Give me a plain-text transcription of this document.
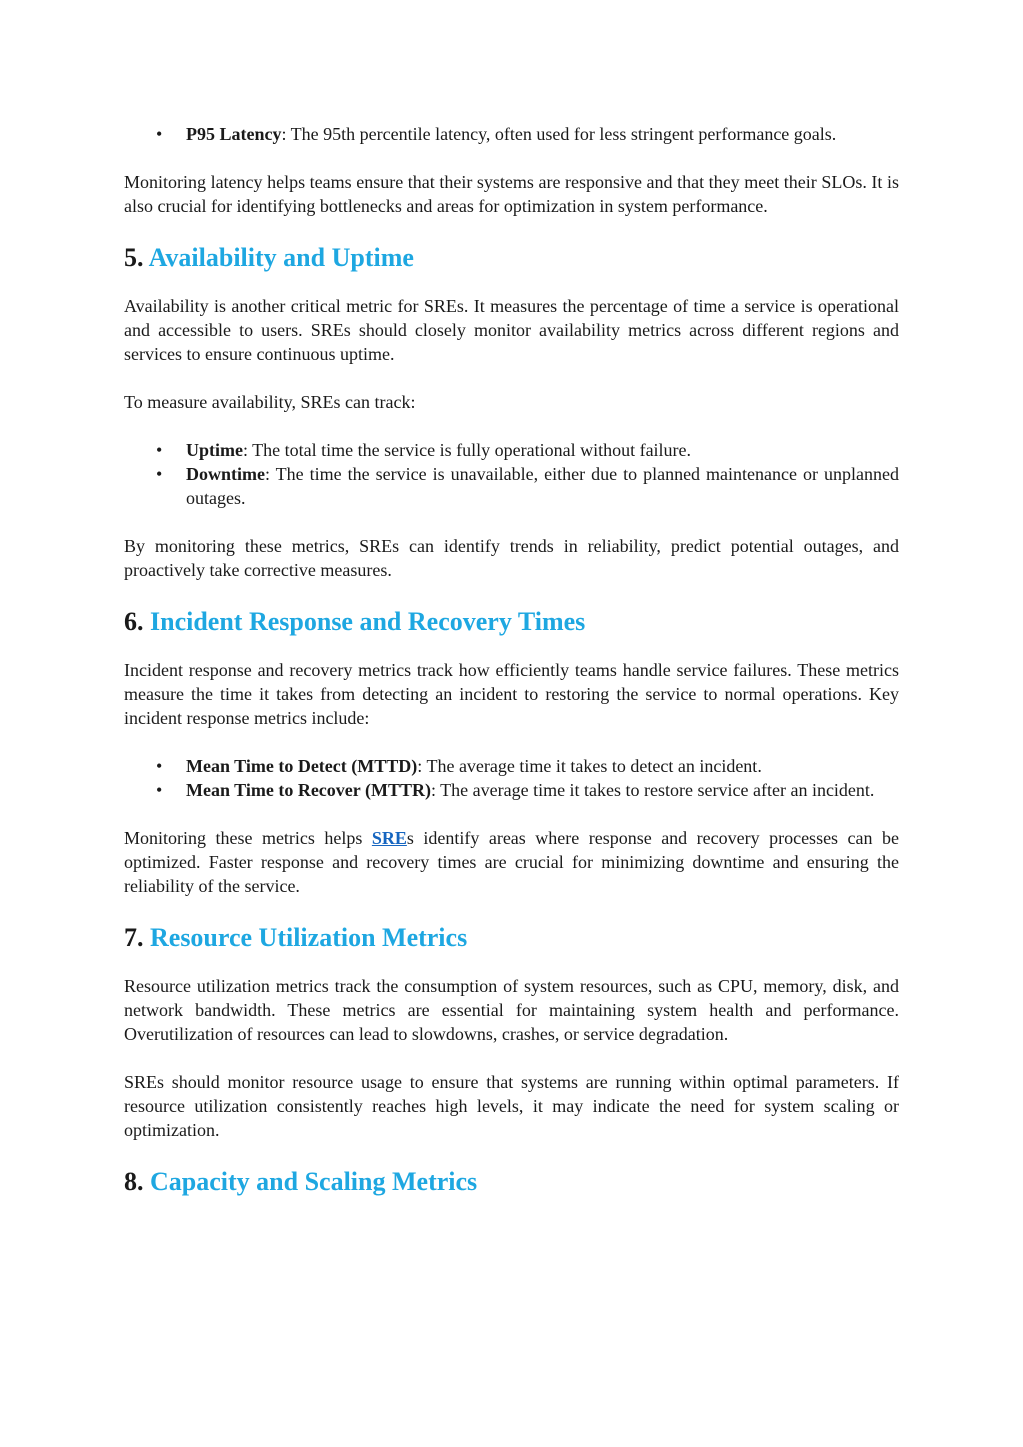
• P95 Latency: The 95th percentile latency, often used for less stringent performance goals.

Monitoring latency helps teams ensure that their systems are responsive and that they meet their SLOs. It is also crucial for identifying bottlenecks and areas for optimization in system performance.

5. Availability and Uptime

Availability is another critical metric for SREs. It measures the percentage of time a service is operational and accessible to users. SREs should closely monitor availability metrics across different regions and services to ensure continuous uptime.

To measure availability, SREs can track:

• Uptime: The total time the service is fully operational without failure.
• Downtime: The time the service is unavailable, either due to planned maintenance or unplanned outages.

By monitoring these metrics, SREs can identify trends in reliability, predict potential outages, and proactively take corrective measures.

6. Incident Response and Recovery Times

Incident response and recovery metrics track how efficiently teams handle service failures. These metrics measure the time it takes from detecting an incident to restoring the service to normal operations. Key incident response metrics include:

• Mean Time to Detect (MTTD): The average time it takes to detect an incident.
• Mean Time to Recover (MTTR): The average time it takes to restore service after an incident.

Monitoring these metrics helps SREs identify areas where response and recovery processes can be optimized. Faster response and recovery times are crucial for minimizing downtime and ensuring the reliability of the service.

7. Resource Utilization Metrics

Resource utilization metrics track the consumption of system resources, such as CPU, memory, disk, and network bandwidth. These metrics are essential for maintaining system health and performance. Overutilization of resources can lead to slowdowns, crashes, or service degradation.

SREs should monitor resource usage to ensure that systems are running within optimal parameters. If resource utilization consistently reaches high levels, it may indicate the need for system scaling or optimization.

8. Capacity and Scaling Metrics
